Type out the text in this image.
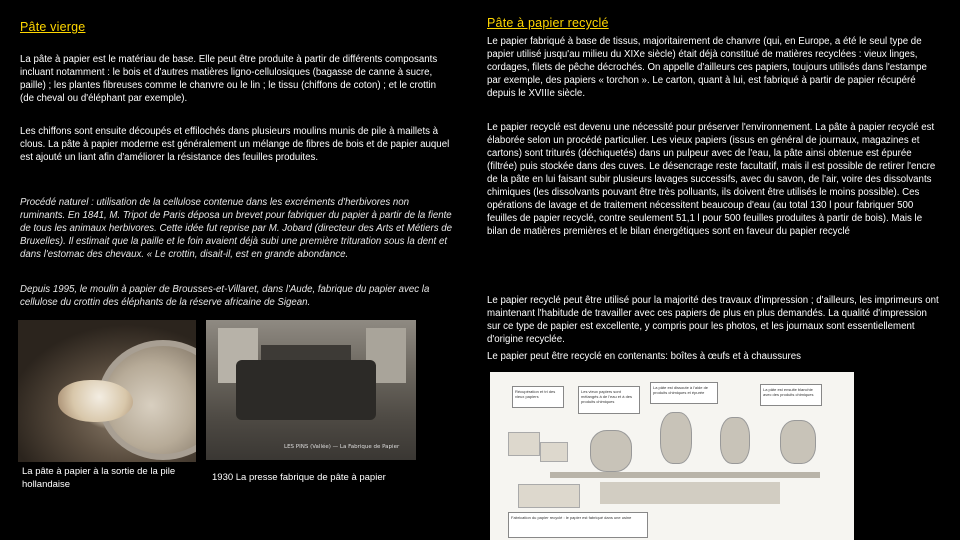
Pâte vierge
La pâte à papier est le matériau de base. Elle peut être produite à partir de différents composants incluant notamment : le bois et d'autres matières ligno-cellulosiques (bagasse de canne à sucre, paille) ; les plantes fibreuses comme le chanvre ou le lin ; le tissu (chiffons de coton) ; et le crottin (de cheval ou d'éléphant par exemple).
Les chiffons sont ensuite découpés et effilochés dans plusieurs moulins munis de pile à maillets à clous. La pâte à papier moderne est généralement un mélange de fibres de bois et de papier auquel est ajouté un liant afin d'améliorer la résistance des feuilles produites.
Procédé naturel : utilisation de la cellulose contenue dans les excréments d'herbivores non ruminants. En 1841, M. Tripot de Paris déposa un brevet pour fabriquer du papier à partir de la fiente de tous les animaux herbivores. Cette idée fut reprise par M. Jobard (directeur des Arts et Métiers de Bruxelles). Il estimait que la paille et le foin avaient déjà subi une première trituration sous la dent et dans l'estomac des chevaux. « Le crottin, disait-il, est en grande abondance.
Depuis 1995, le moulin à papier de Brousses-et-Villaret, dans l'Aude, fabrique du papier avec la cellulose du crottin des éléphants de la réserve africaine de Sigean.
LES PINS (Vallée) — La Fabrique de Papier
La pâte à papier à la sortie de la pile hollandaise
1930 La presse fabrique de pâte à papier
Pâte à papier recyclé
Le papier fabriqué à base de tissus, majoritairement de chanvre (qui, en Europe, a été le seul type de papier utilisé jusqu'au milieu du XIXe siècle) était déjà constitué de matières recyclées : vieux linges, cordages, filets de pêche décrochés. On appelle d'ailleurs ces papiers, toujours utilisés dans l'estampe par exemple, des papiers « torchon ». Le carton, quant à lui, est fabriqué à partir de papier récupéré depuis le XVIIIe siècle.
Le papier recyclé est devenu une nécessité pour préserver l'environnement. La pâte à papier recyclé est élaborée selon un procédé particulier. Les vieux papiers (issus en général de journaux, magazines et cartons) sont triturés (déchiquetés) dans un pulpeur avec de l'eau, la pâte ainsi obtenue est épurée (filtrée) puis stockée dans des cuves. Le désencrage reste facultatif, mais il est possible de retirer l'encre de la pâte en lui faisant subir plusieurs lavages successifs, avec du savon, de l'air, voire des dissolvants chimiques (les dissolvants pouvant être très polluants, ils doivent être utilisés le moins possible). Ces opérations de lavage et de traitement nécessitent beaucoup d'eau (au total 130 l pour fabriquer 500 feuilles de papier recyclé, contre seulement 51,1 l pour 500 feuilles produites à partir de bois). Mais le bilan de matières premières et le bilan énergétiques sont en faveur du papier recyclé
Le papier recyclé peut être utilisé pour la majorité des travaux d'impression ; d'ailleurs, les imprimeurs ont maintenant l'habitude de travailler avec ces papiers de plus en plus demandés. La qualité d'impression sur ce type de papier est excellente, y compris pour les photos, et les journaux sont essentiellement d'origine recyclée.
Le papier peut être recyclé en contenants: boîtes à œufs et à chaussures
Récupération et tri des vieux papiers
Les vieux papiers sont mélangés à de l'eau et à des produits chimiques
La pâte est dissoute à l'aide de produits chimiques et épurée
La pâte est ensuite blanchie avec des produits chimiques
Fabrication du papier recyclé : le papier est fabriqué dans une usine
